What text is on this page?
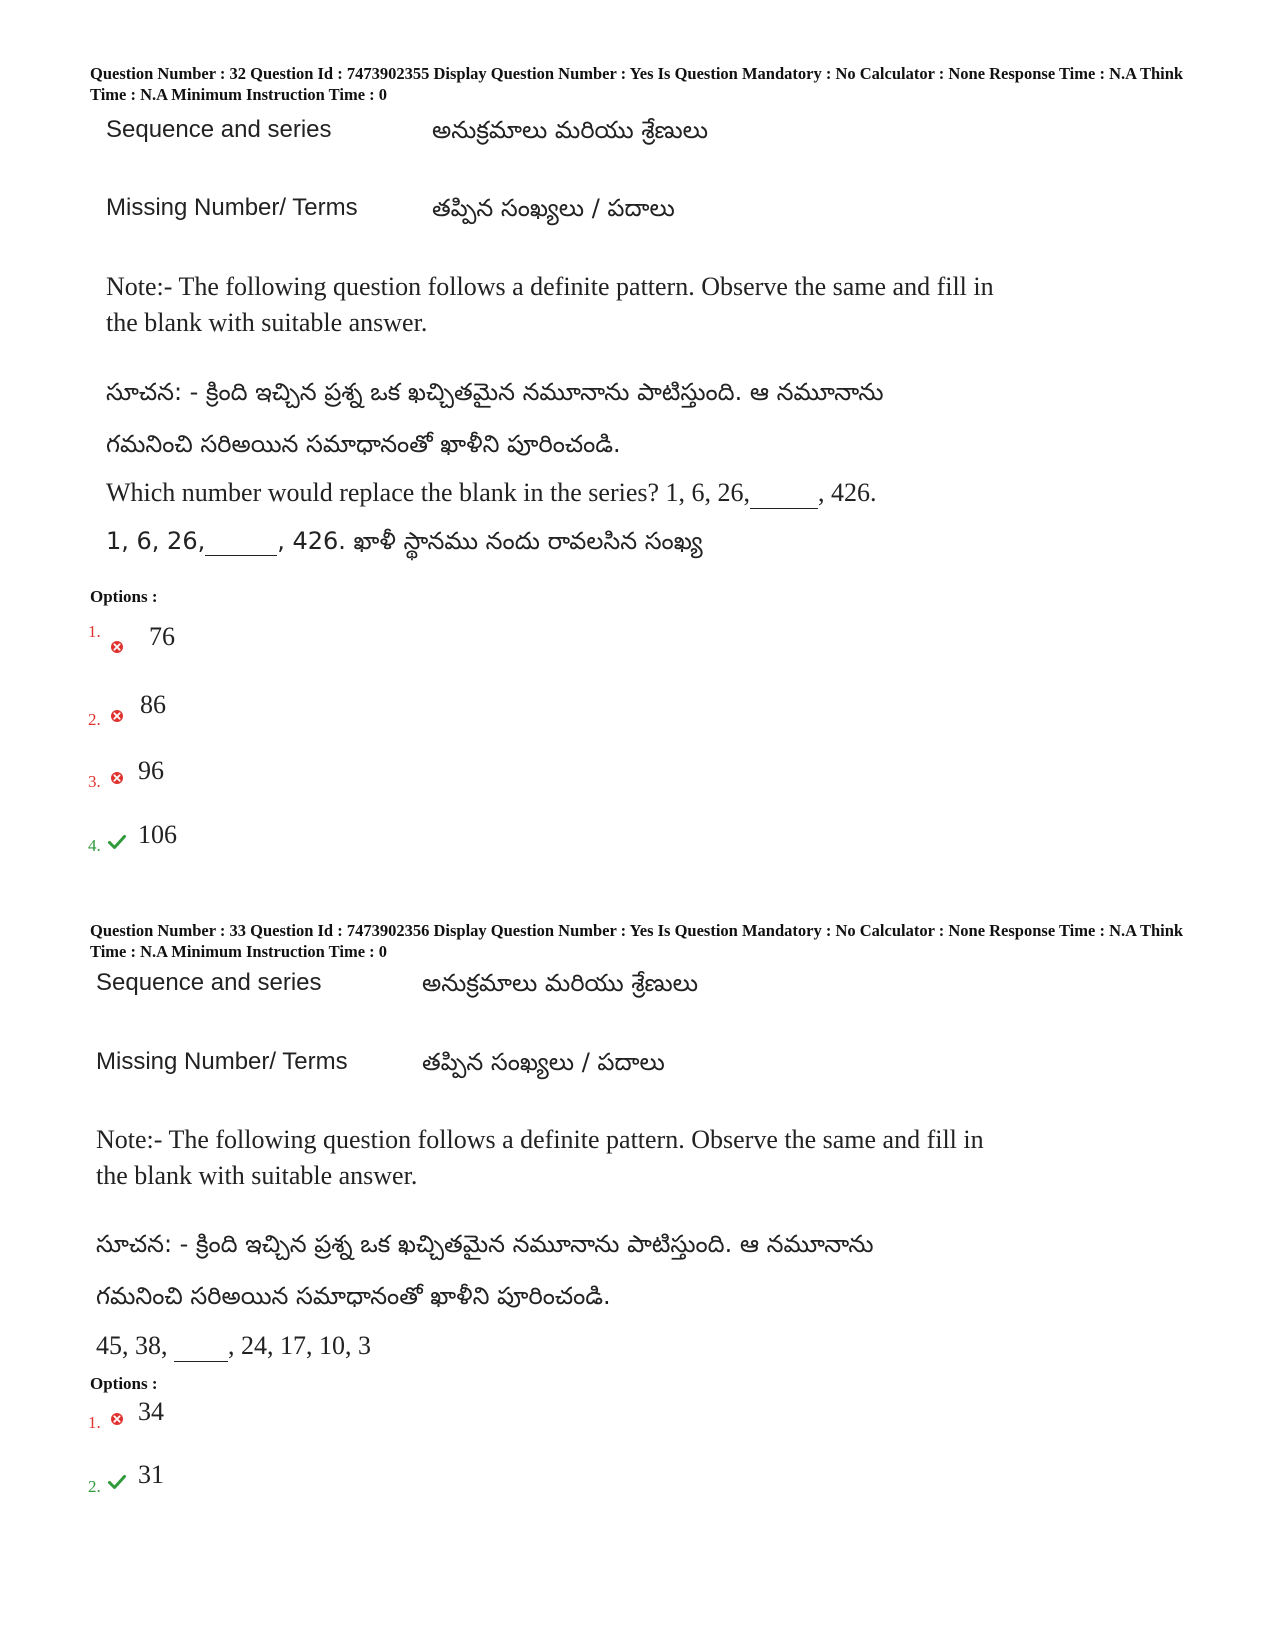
Question Number : 32 Question Id : 7473902355 Display Question Number : Yes Is Question Mandatory : No Calculator : None Response Time : N.A Think Time : N.A Minimum Instruction Time : 0
Sequence and series	అనుక్రమాలు మరియు శ్రేణులు
Missing Number/ Terms	తప్పిన సంఖ్యలు / పదాలు
Note:- The following question follows a definite pattern. Observe the same and fill in
the blank with suitable answer.
సూచన: - క్రింది ఇచ్చిన ప్రశ్న ఒక ఖచ్చితమైన నమూనాను పాటిస్తుంది. ఆ నమూనాను
గమనించి సరిఅయిన సమాధానంతో ఖాళీని పూరించండి.
Which number would replace the blank in the series? 1, 6, 26,	, 426.
1, 6, 26,	, 426. ఖాళీ స్థానము నందు రావలసిన సంఖ్య
Options :
1. 76
2.
86
3. 96
4. 106
Question Number : 33 Question Id : 7473902356 Display Question Number : Yes Is Question Mandatory : No Calculator : None Response Time : N.A Think Time : N.A Minimum Instruction Time : 0
Sequence and series	అనుక్రమాలు మరియు శ్రేణులు
Missing Number/ Terms	తప్పిన సంఖ్యలు / పదాలు
Note:- The following question follows a definite pattern. Observe the same and fill in
the blank with suitable answer.
సూచన: - క్రింది ఇచ్చిన ప్రశ్న ఒక ఖచ్చితమైన నమూనాను పాటిస్తుంది. ఆ నమూనాను
గమనించి సరిఅయిన సమాధానంతో ఖాళీని పూరించండి.
45, 38, , 24, 17, 10, 3
Options :
1. 34
2. 31
